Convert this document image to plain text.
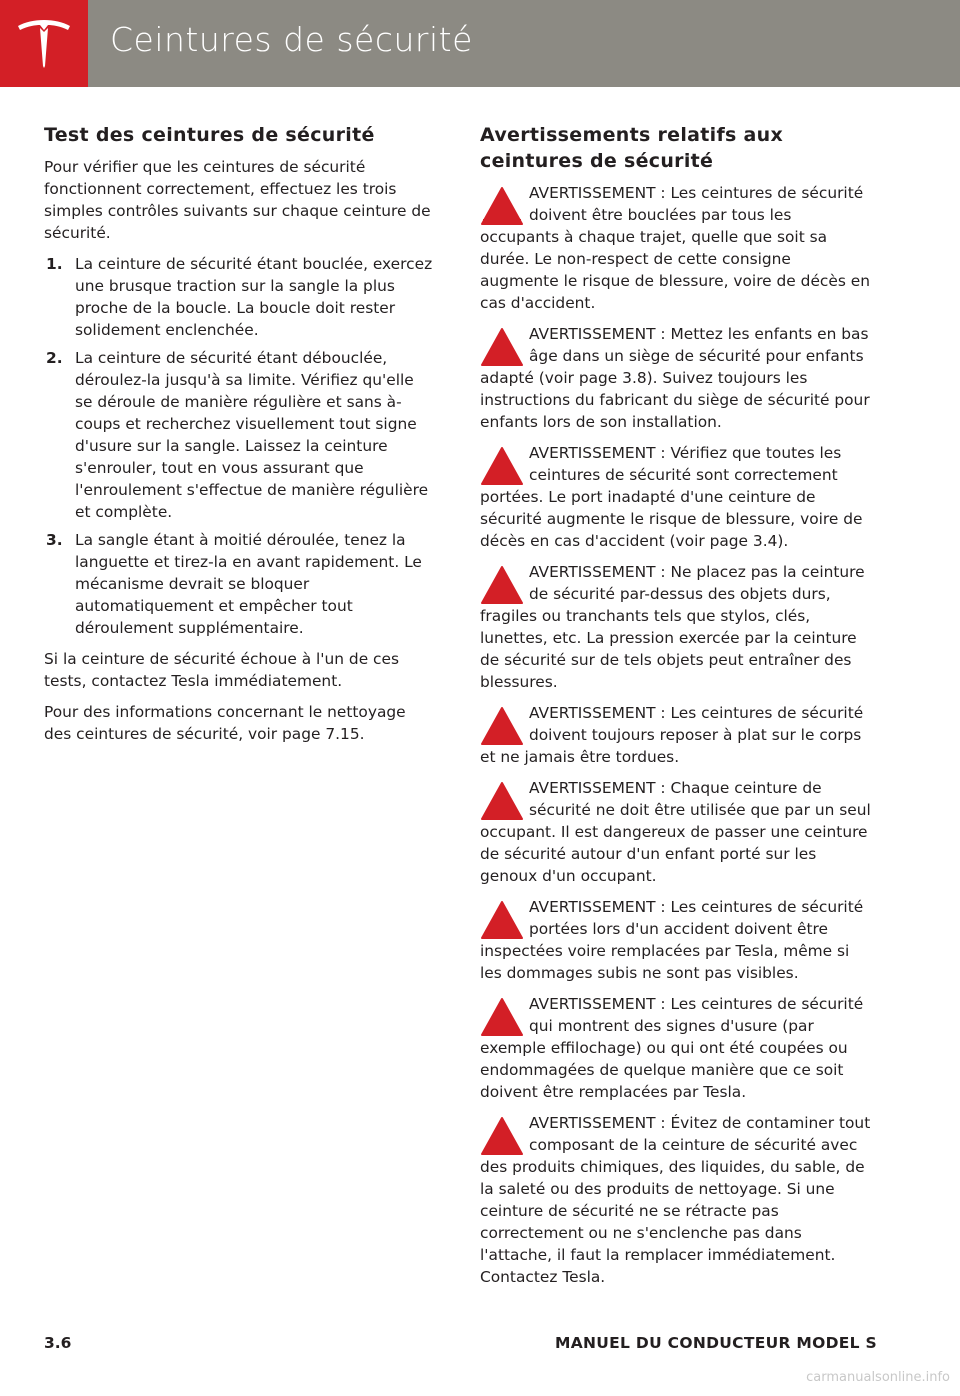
Ceintures de sécurité
Test des ceintures de sécurité

Pour vérifier que les ceintures de sécurité fonctionnent correctement, effectuez les trois simples contrôles suivants sur chaque ceinture de sécurité.

1. La ceinture de sécurité étant bouclée, exercez une brusque traction sur la sangle la plus proche de la boucle. La boucle doit rester solidement enclenchée.
2. La ceinture de sécurité étant débouclée, déroulez-la jusqu'à sa limite. Vérifiez qu'elle se déroule de manière régulière et sans à-coups et recherchez visuellement tout signe d'usure sur la sangle. Laissez la ceinture s'enrouler, tout en vous assurant que l'enroulement s'effectue de manière régulière et complète.
3. La sangle étant à moitié déroulée, tenez la languette et tirez-la en avant rapidement. Le mécanisme devrait se bloquer automatiquement et empêcher tout déroulement supplémentaire.

Si la ceinture de sécurité échoue à l'un de ces tests, contactez Tesla immédiatement.

Pour des informations concernant le nettoyage des ceintures de sécurité, voir page 7.15.

Avertissements relatifs aux ceintures de sécurité
AVERTISSEMENT : Les ceintures de sécurité doivent être bouclées par tous les occupants à chaque trajet, quelle que soit sa durée. Le non-respect de cette consigne augmente le risque de blessure, voire de décès en cas d'accident.
AVERTISSEMENT : Mettez les enfants en bas âge dans un siège de sécurité pour enfants adapté (voir page 3.8). Suivez toujours les instructions du fabricant du siège de sécurité pour enfants lors de son installation.
AVERTISSEMENT : Vérifiez que toutes les ceintures de sécurité sont correctement portées. Le port inadapté d'une ceinture de sécurité augmente le risque de blessure, voire de décès en cas d'accident (voir page 3.4).
AVERTISSEMENT : Ne placez pas la ceinture de sécurité par-dessus des objets durs, fragiles ou tranchants tels que stylos, clés, lunettes, etc. La pression exercée par la ceinture de sécurité sur de tels objets peut entraîner des blessures.
AVERTISSEMENT : Les ceintures de sécurité doivent toujours reposer à plat sur le corps et ne jamais être tordues.
AVERTISSEMENT : Chaque ceinture de sécurité ne doit être utilisée que par un seul occupant. Il est dangereux de passer une ceinture de sécurité autour d'un enfant porté sur les genoux d'un occupant.
AVERTISSEMENT : Les ceintures de sécurité portées lors d'un accident doivent être inspectées voire remplacées par Tesla, même si les dommages subis ne sont pas visibles.
AVERTISSEMENT : Les ceintures de sécurité qui montrent des signes d'usure (par exemple effilochage) ou qui ont été coupées ou endommagées de quelque manière que ce soit doivent être remplacées par Tesla.
AVERTISSEMENT : Évitez de contaminer tout composant de la ceinture de sécurité avec des produits chimiques, des liquides, du sable, de la saleté ou des produits de nettoyage. Si une ceinture de sécurité ne se rétracte pas correctement ou ne s'enclenche pas dans l'attache, il faut la remplacer immédiatement. Contactez Tesla.
3.6	MANUEL DU CONDUCTEUR MODEL S
carmanualsonline.info
